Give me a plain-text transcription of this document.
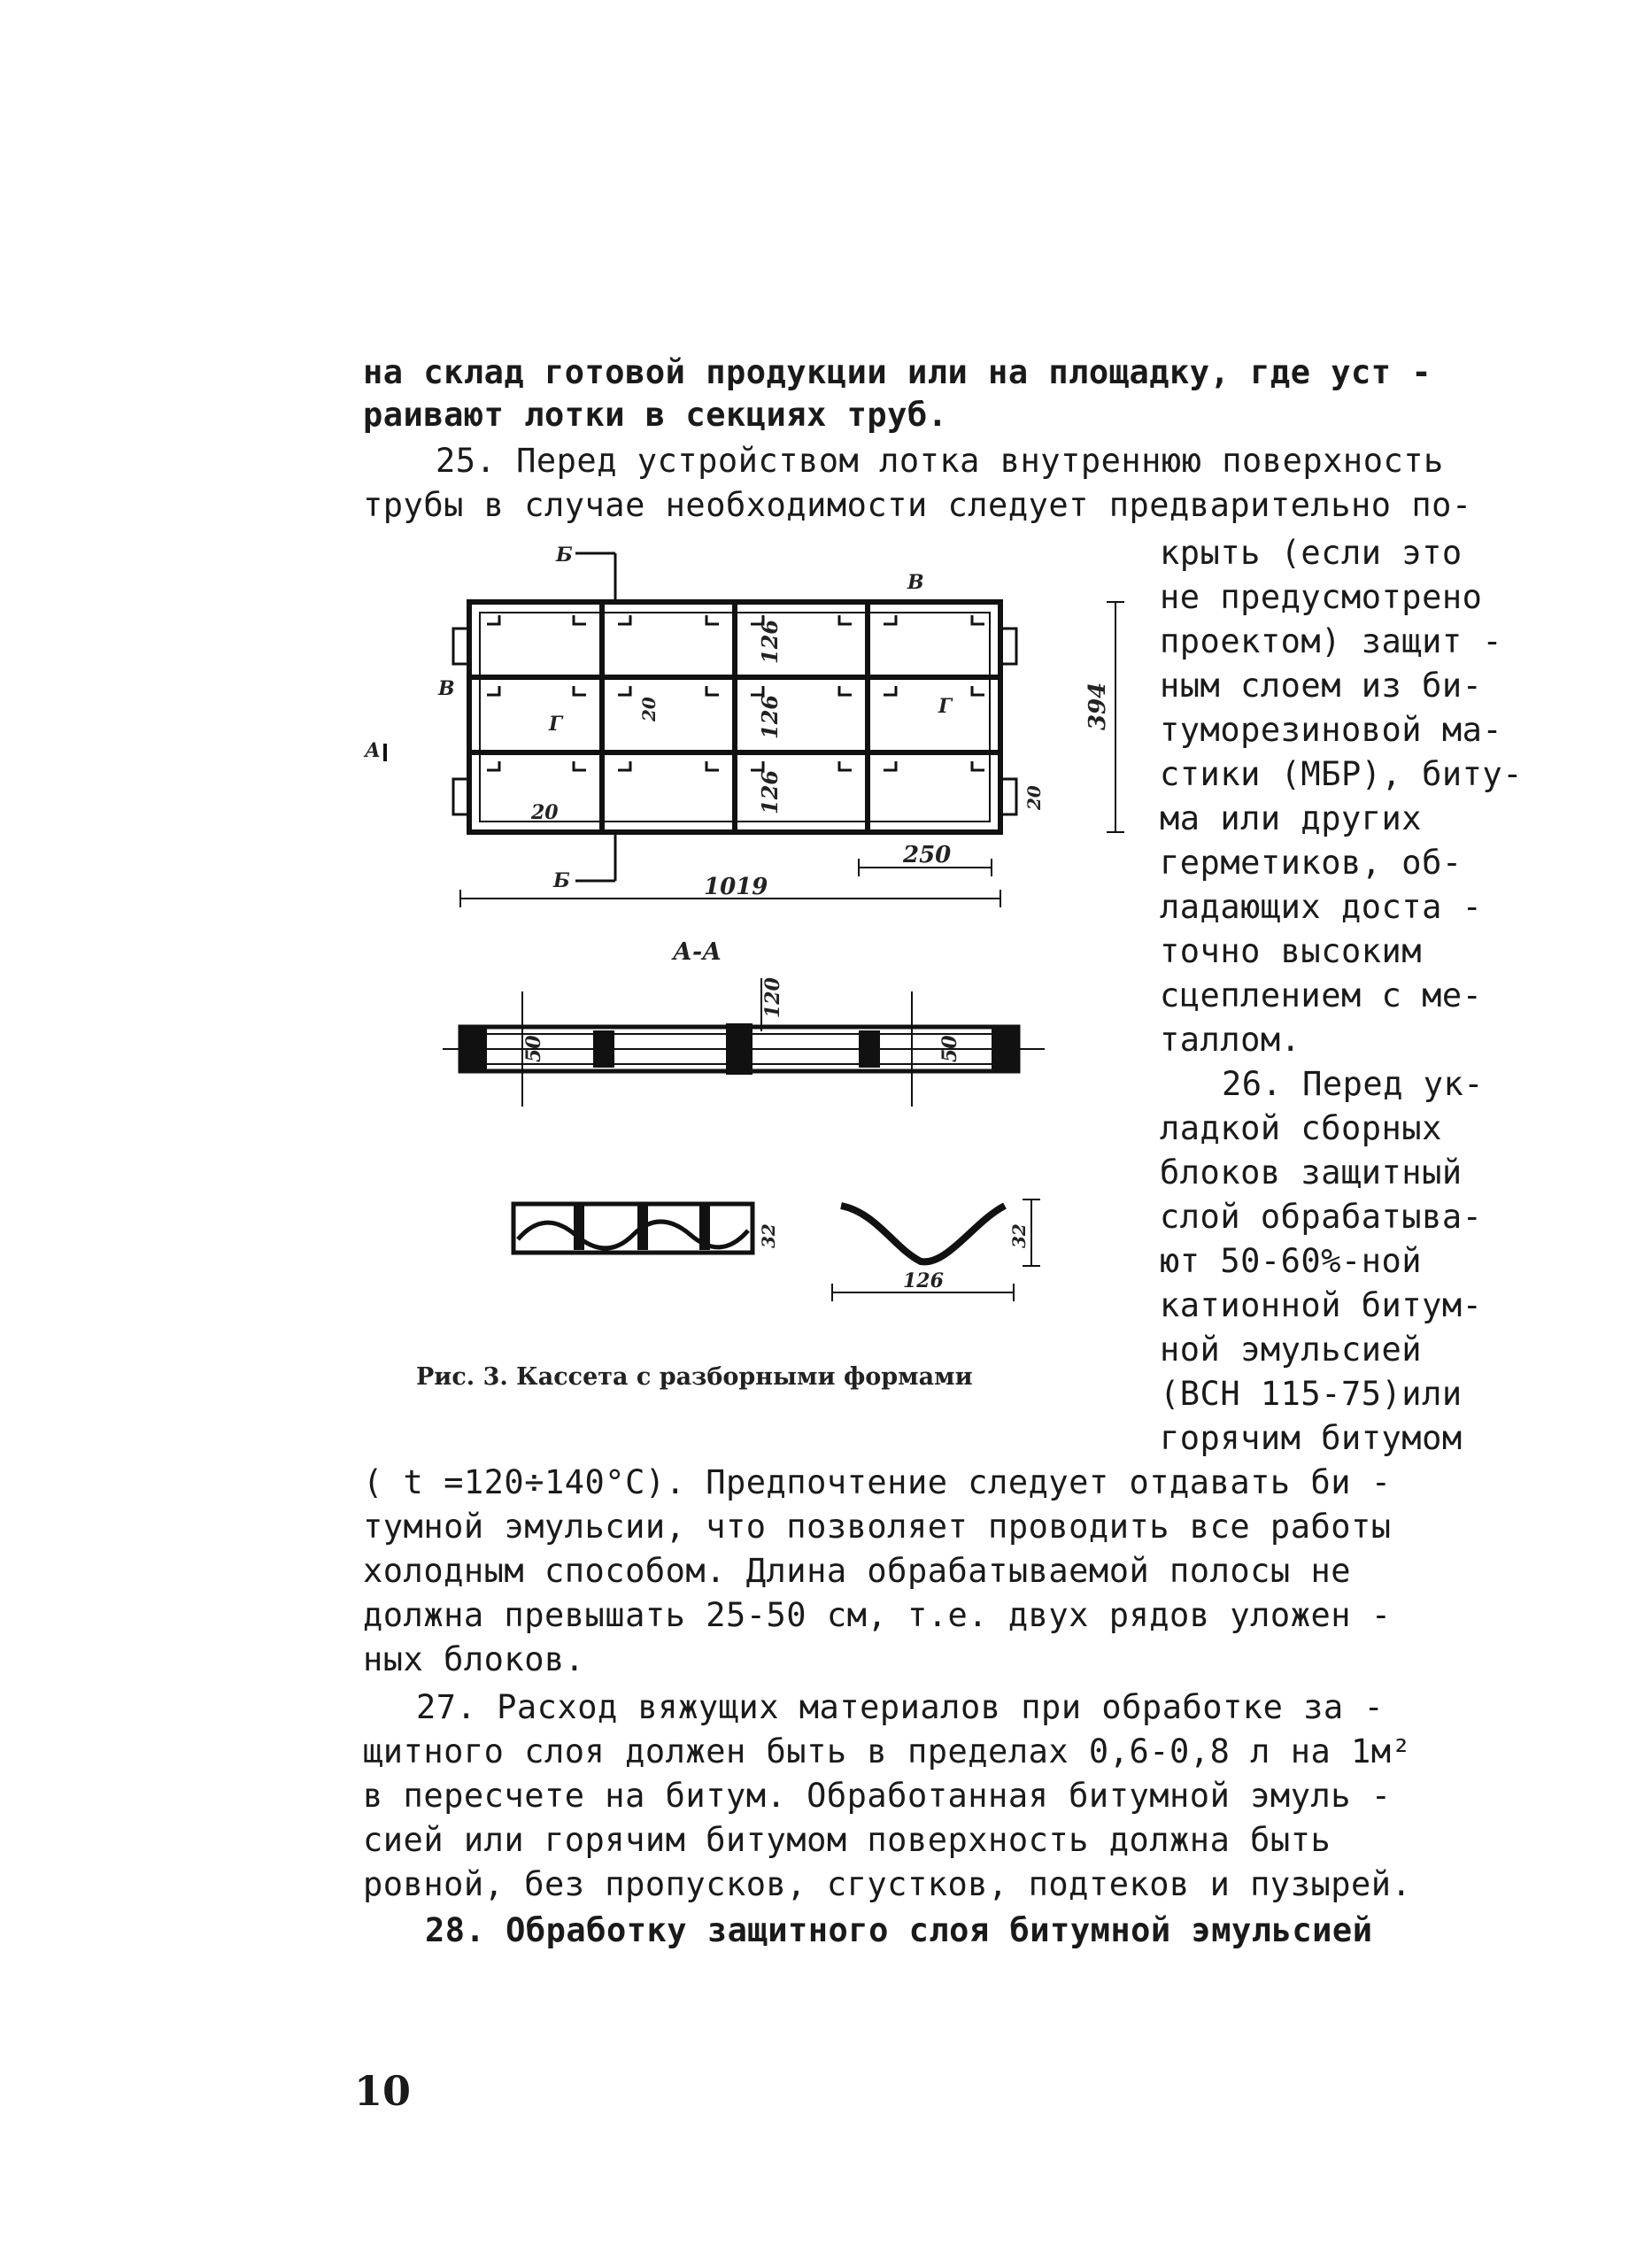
на склад готовой продукции или на площадку, где уст -
раивают лотки в секциях труб.
25. Перед устройством лотка внутреннюю поверхность
трубы в случае необходимости следует предварительно по-
крыть (если это
не предусмотрено
проектом) защит -
ным слоем из би-
туморезиновой ма-
стики (МБР), биту-
ма или других
герметиков, об-
ладающих доста -
точно высоким
сцеплением с ме-
таллом.
26. Перед ук-
ладкой сборных
блоков защитный
слой обрабатыва-
ют 50-60%-ной
катионной битум-
ной эмульсией
(ВСН 115-75)или
горячим битумом
( t =120÷140°С). Предпочтение следует отдавать би -
тумной эмульсии, что позволяет проводить все работы
холодным способом. Длина обрабатываемой полосы не
должна превышать 25-50 см, т.е. двух рядов уложен -
ных блоков.
27. Расход вяжущих материалов при обработке за -
щитного слоя должен быть в пределах 0,6-0,8 л на 1м²
в пересчете на битум. Обработанная битумной эмуль -
сией или горячим битумом поверхность должна быть
ровной, без пропусков, сгустков, подтеков и пузырей.
28. Обработку защитного слоя битумной эмульсией
Б
Б
А
В
В
Г
Г
1019
250
394
126
126
126
20
20
20
А-А
50	50
120
32	32
126
Рис. 3. Кассета с разборными формами
10
